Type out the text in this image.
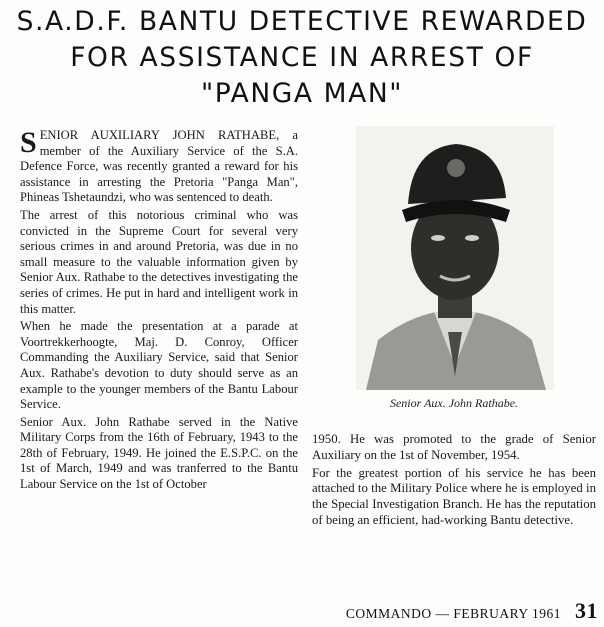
S.A.D.F. BANTU DETECTIVE REWARDED
FOR ASSISTANCE IN ARREST OF
"PANGA MAN"

SENIOR AUXILIARY JOHN RATHABE, a member of the Auxiliary Service of the S.A. Defence Force, was recently granted a reward for his assistance in arresting the Pretoria "Panga Man", Phineas Tshetaundzi, who was sentenced to death.

The arrest of this notorious criminal who was convicted in the Supreme Court for several very serious crimes in and around Pretoria, was due in no small measure to the valuable information given by Senior Aux. Rathabe to the detectives investigating the series of crimes. He put in hard and intelligent work in this matter.

When he made the presentation at a parade at Voortrekkerhoogte, Maj. D. Conroy, Officer Commanding the Auxiliary Service, said that Senior Aux. Rathabe's devotion to duty should serve as an example to the younger members of the Bantu Labour Service.

Senior Aux. John Rathabe served in the Native Military Corps from the 16th of February, 1943 to the 28th of February, 1949. He joined the E.S.P.C. on the 1st of March, 1949 and was tranferred to the Bantu Labour Service on the 1st of October

Senior Aux. John Rathabe.

1950. He was promoted to the grade of Senior Auxiliary on the 1st of November, 1954.

For the greatest portion of his service he has been attached to the Military Police where he is employed in the Special Investigation Branch. He has the reputation of being an efficient, had-working Bantu detective.

COMMANDO — FEBRUARY 1961 31
